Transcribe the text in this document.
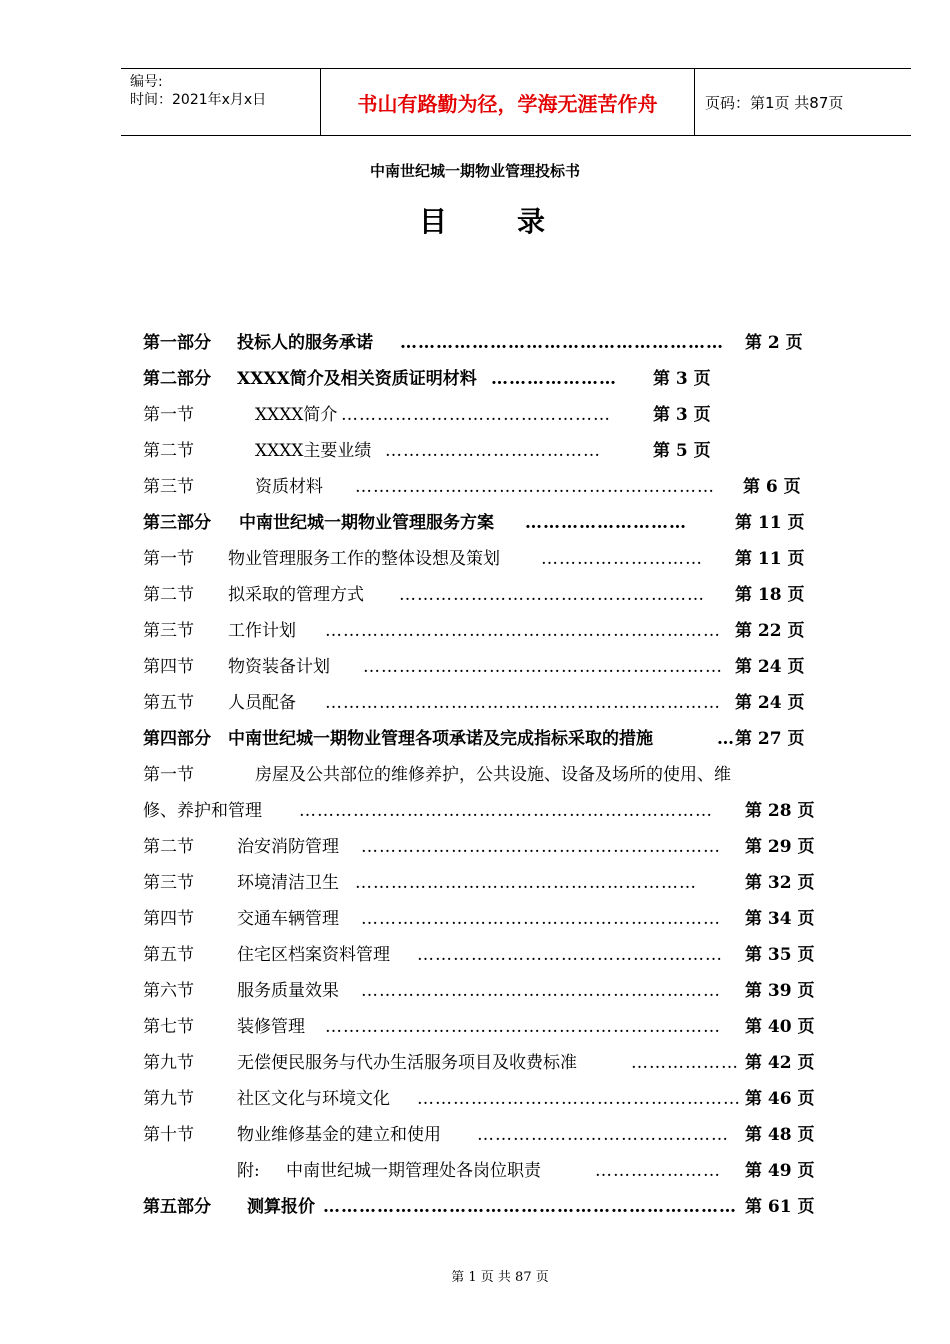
编号:
时间：2021年x月x日	书山有路勤为径，学海无涯苦作舟	页码：第1页 共87页
中南世纪城一期物业管理投标书
目录
第一部分 投标人的服务承诺 ……………………………………………… 第 2 页
第二部分 XXXX简介及相关资质证明材料 ………………… 第 3 页
第一节	XXXX简介 ……………………………………… 第 3 页
第二节	XXXX主要业绩 ………………………………	第 5 页
第三节	资质材料 …………………………………………………… 第 6 页
第三部分 中南世纪城一期物业管理服务方案 ………………………	第 11 页
第一节 物业管理服务工作的整体设想及策划 ……………………… 第 11 页
第二节 拟采取的管理方式 …………………………………………… 第 18 页
第三节 工作计划 ………………………………………………………… 第 22 页
第四节 物资装备计划 …………………………………………………… 第 24 页
第五节 人员配备 ………………………………………………………… 第 24 页
第四部分 中南世纪城一期物业管理各项承诺及完成指标采取的措施	… 第 27 页
第一节	房屋及公共部位的维修养护，公共设施、设备及场所的使用、维
修、养护和管理 …………………………………………………………… 第 28 页
第二节	治安消防管理 …………………………………………………… 第 29 页
第三节	环境清洁卫生 …………………………………………………	第 32 页
第四节	交通车辆管理 …………………………………………………… 第 34 页
第五节	住宅区档案资料管理 …………………………………………… 第 35 页
第六节	服务质量效果 …………………………………………………… 第 39 页
第七节	装修管理 ………………………………………………………… 第 40 页
第九节	无偿便民服务与代办生活服务项目及收费标准	……………… 第 42 页
第九节	社区文化与环境文化 ……………………………………………… 第 46 页
第十节	物业维修基金的建立和使用 …………………………………… 第 48 页
附: 中南世纪城一期管理处各岗位职责	………………… 第 49 页
第五部分 测算报价 …………………………………………………………… 第 61 页
第 1 页 共 87 页
